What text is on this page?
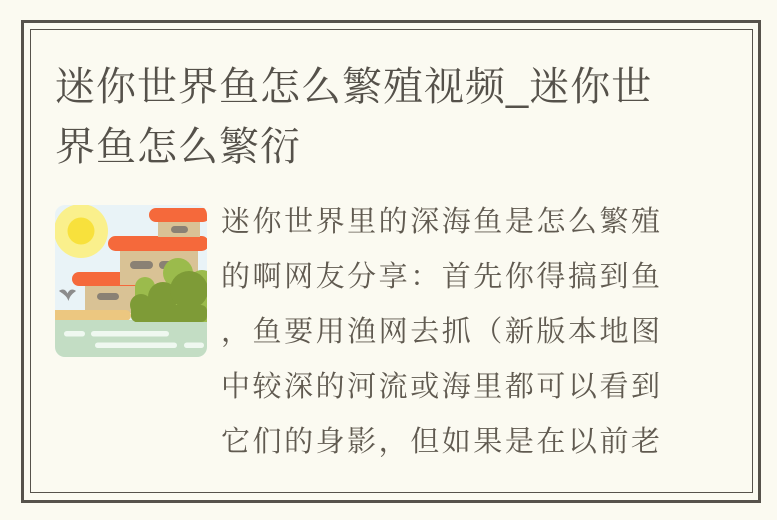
迷你世界鱼怎么繁殖视频_迷你世
界鱼怎么繁衍
迷你世界里的深海鱼是怎么繁殖
的啊网友分享：首先你得搞到鱼
，鱼要用渔网去抓（新版本地图
中较深的河流或海里都可以看到
它们的身影，但如果是在以前老
